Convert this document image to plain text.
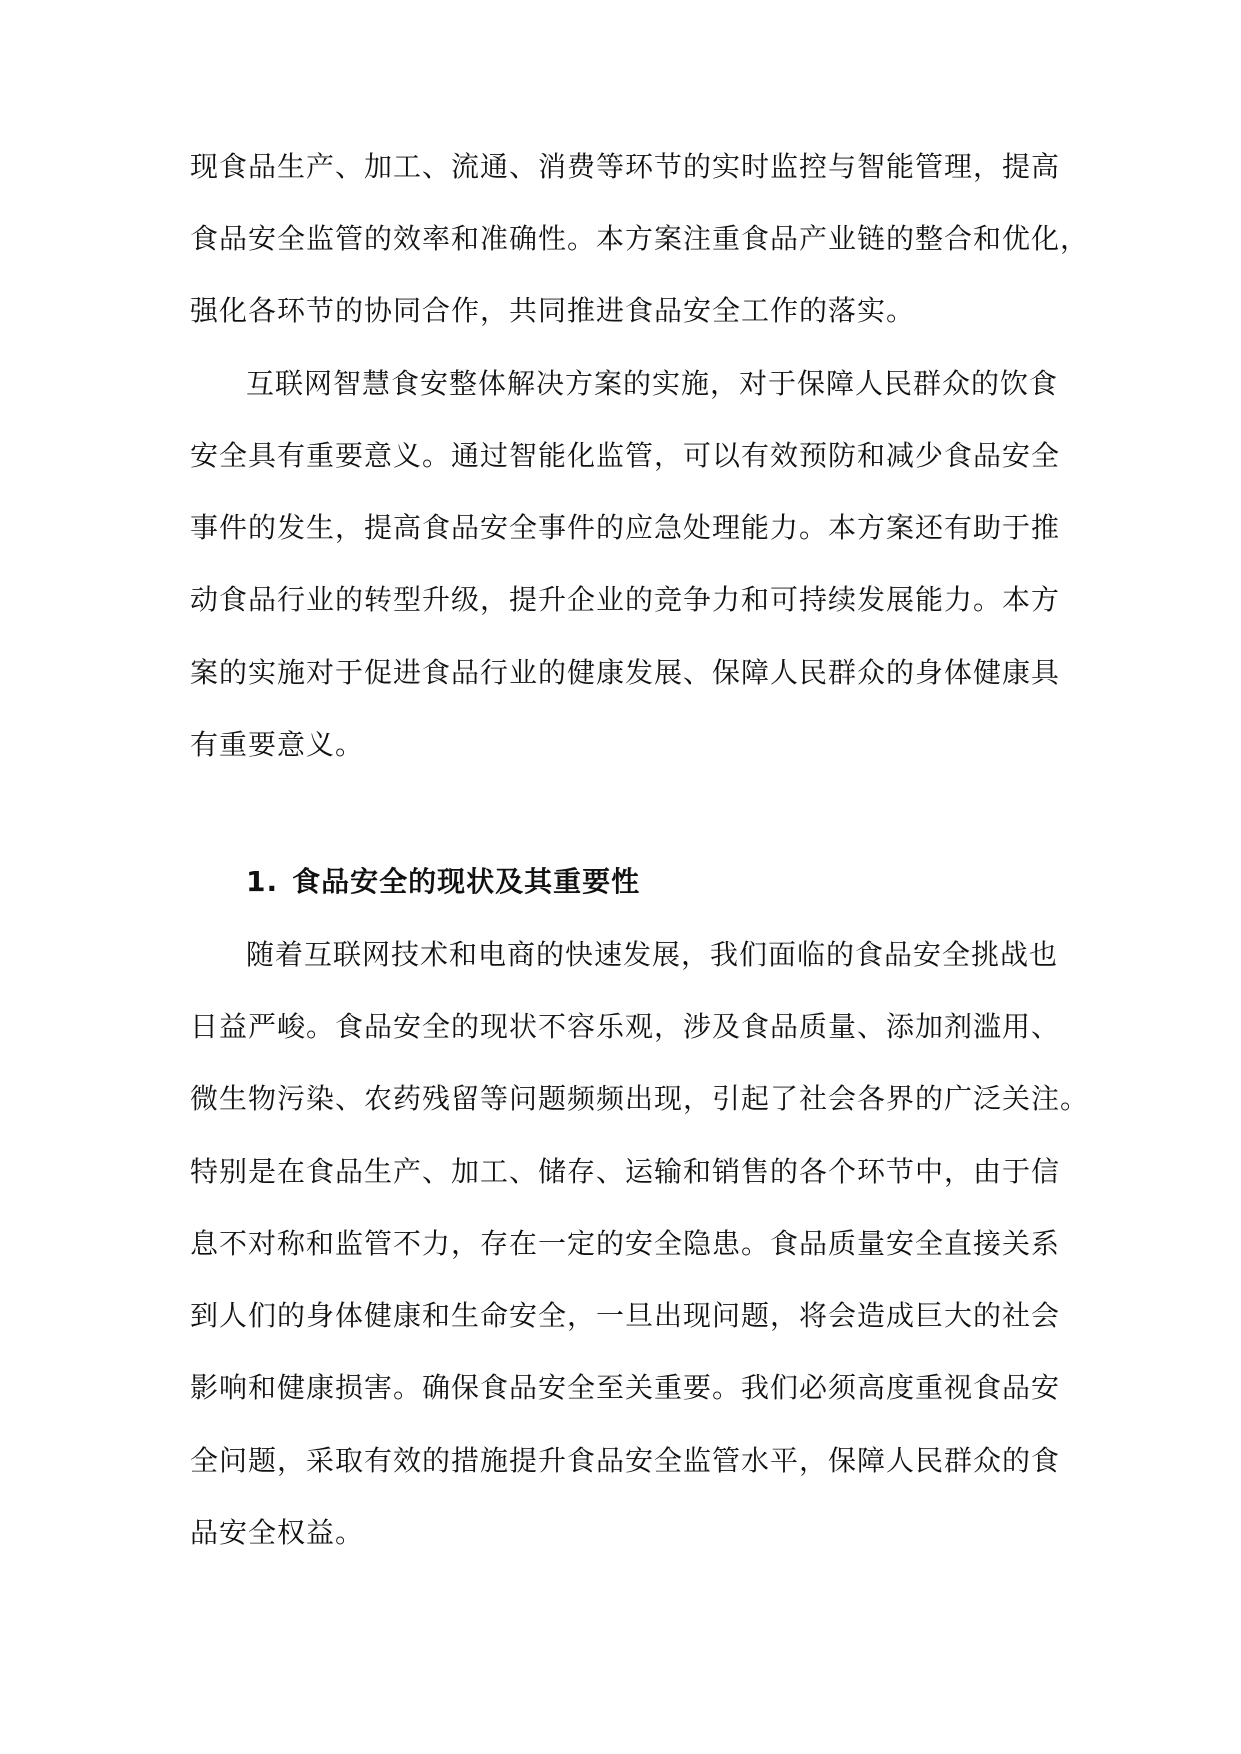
现食品生产、加工、流通、消费等环节的实时监控与智能管理，提高
食品安全监管的效率和准确性。本方案注重食品产业链的整合和优化，
强化各环节的协同合作，共同推进食品安全工作的落实。
互联网智慧食安整体解决方案的实施，对于保障人民群众的饮食
安全具有重要意义。通过智能化监管，可以有效预防和减少食品安全
事件的发生，提高食品安全事件的应急处理能力。本方案还有助于推
动食品行业的转型升级，提升企业的竞争力和可持续发展能力。本方
案的实施对于促进食品行业的健康发展、保障人民群众的身体健康具
有重要意义。
1. 食品安全的现状及其重要性
随着互联网技术和电商的快速发展，我们面临的食品安全挑战也
日益严峻。食品安全的现状不容乐观，涉及食品质量、添加剂滥用、
微生物污染、农药残留等问题频频出现，引起了社会各界的广泛关注。
特别是在食品生产、加工、储存、运输和销售的各个环节中，由于信
息不对称和监管不力，存在一定的安全隐患。食品质量安全直接关系
到人们的身体健康和生命安全，一旦出现问题，将会造成巨大的社会
影响和健康损害。确保食品安全至关重要。我们必须高度重视食品安
全问题，采取有效的措施提升食品安全监管水平，保障人民群众的食
品安全权益。
